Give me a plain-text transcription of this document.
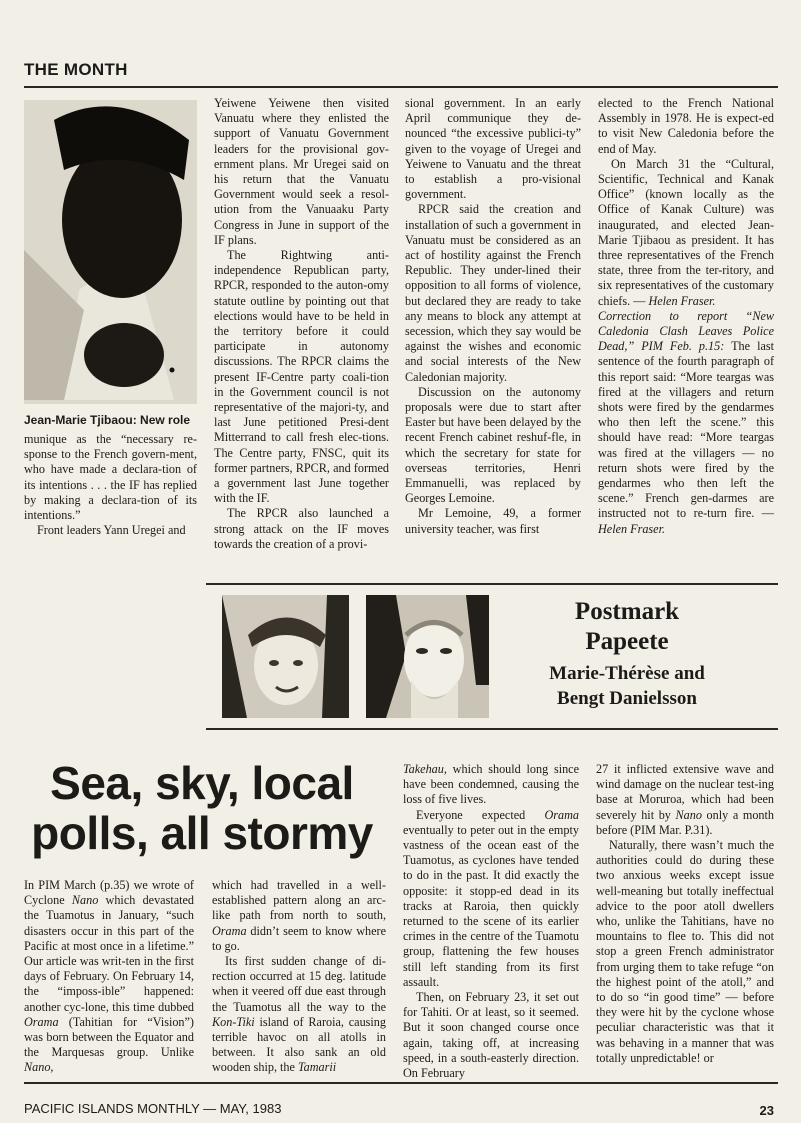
THE MONTH
Jean-Marie Tjibaou: New role

munique as the “necessary re-sponse to the French govern-ment, who have made a declara-tion of its intentions . . . the IF has replied by making a declara-tion of its intentions.”

Front leaders Yann Uregei and

Yeiwene Yeiwene then visited Vanuatu where they enlisted the support of Vanuatu Government leaders for the provisional gov-ernment plans. Mr Uregei said on his return that the Vanuatu Government would seek a resol-ution from the Vanuaaku Party Congress in June in support of the IF plans.

The Rightwing anti-independence Republican party, RPCR, responded to the auton-omy statute outline by pointing out that elections would have to be held in the territory before it could participate in autonomy discussions. The RPCR claims the present IF-Centre party coali-tion in the Government council is not representative of the majori-ty, and last June petitioned Presi-dent Mitterrand to call fresh elec-tions. The Centre party, FNSC, quit its former partners, RPCR, and formed a government last June together with the IF.

The RPCR also launched a strong attack on the IF moves towards the creation of a provi-

sional government. In an early April communique they de-nounced “the excessive publici-ty” given to the voyage of Uregei and Yeiwene to Vanuatu and the threat to establish a pro-visional government.

RPCR said the creation and installation of such a government in Vanuatu must be considered as an act of hostility against the French Republic. They under-lined their opposition to all forms of violence, but declared they are ready to take any means to block any attempt at secession, which they say would be against the wishes and economic and social interests of the New Caledonian majority.

Discussion on the autonomy proposals were due to start after Easter but have been delayed by the recent French cabinet reshuf-fle, in which the secretary for state for overseas territories, Henri Emmanuelli, was replaced by Georges Lemoine.

Mr Lemoine, 49, a former university teacher, was first

elected to the French National Assembly in 1978. He is expect-ed to visit New Caledonia before the end of May.

On March 31 the “Cultural, Scientific, Technical and Kanak Office” (known locally as the Office of Kanak Culture) was inaugurated, and elected Jean-Marie Tjibaou as president. It has three representatives of the French state, three from the ter-ritory, and six representatives of the customary chiefs. — Helen Fraser.

Correction to report “New Caledonia Clash Leaves Police Dead,” PIM Feb. p.15: The last sentence of the fourth paragraph of this report said: “More teargas was fired at the villagers and return shots were fired by the gendarmes who then left the scene.” this should have read: “More teargas was fired at the villagers — no return shots were fired by the gendarmes who then left the scene.” French gen-darmes are instructed not to re-turn fire. — Helen Fraser.

Postmark
Papeete
Marie-Thérèse and
Bengt Danielsson
Sea, sky, local
polls, all stormy

In PIM March (p.35) we wrote of Cyclone Nano which devastated the Tuamotus in January, “such disasters occur in this part of the Pacific at most once in a lifetime.” Our article was writ-ten in the first days of February. On February 14, the “imposs-ible” happened: another cyc-lone, this time dubbed Orama (Tahitian for “Vision”) was born between the Equator and the Marquesas group. Unlike Nano,

which had travelled in a well-established pattern along an arc-like path from north to south, Orama didn’t seem to know where to go.

Its first sudden change of di-rection occurred at 15 deg. latitude when it veered off due east through the Tuamotus all the way to the Kon-Tiki island of Raroia, causing terrible havoc on all atolls in between. It also sank an old wooden ship, the Tamarii

Takehau, which should long since have been condemned, causing the loss of five lives.

Everyone expected Orama eventually to peter out in the empty vastness of the ocean east of the Tuamotus, as cyclones have tended to do in the past. It did exactly the opposite: it stopp-ed dead in its tracks at Raroia, then quickly returned to the scene of its earlier crimes in the centre of the Tuamotu group, flattening the few houses still left standing from its first assault.

Then, on February 23, it set out for Tahiti. Or at least, so it seemed. But it soon changed course once again, taking off, at increasing speed, in a south-easterly direction. On February

27 it inflicted extensive wave and wind damage on the nuclear test-ing base at Moruroa, which had been severely hit by Nano only a month before (PIM Mar. P.31).

Naturally, there wasn’t much the authorities could do during these two anxious weeks except issue well-meaning but totally ineffectual advice to the poor atoll dwellers who, unlike the Tahitians, have no mountains to flee to. This did not stop a green French administrator from urging them to take refuge “on the highest point of the atoll,” and to do so “in good time” — before they were hit by the cyclone whose peculiar characteristic was that it was behaving in a manner that was totally unpredictable! or

PACIFIC ISLANDS MONTHLY — MAY, 1983	23
